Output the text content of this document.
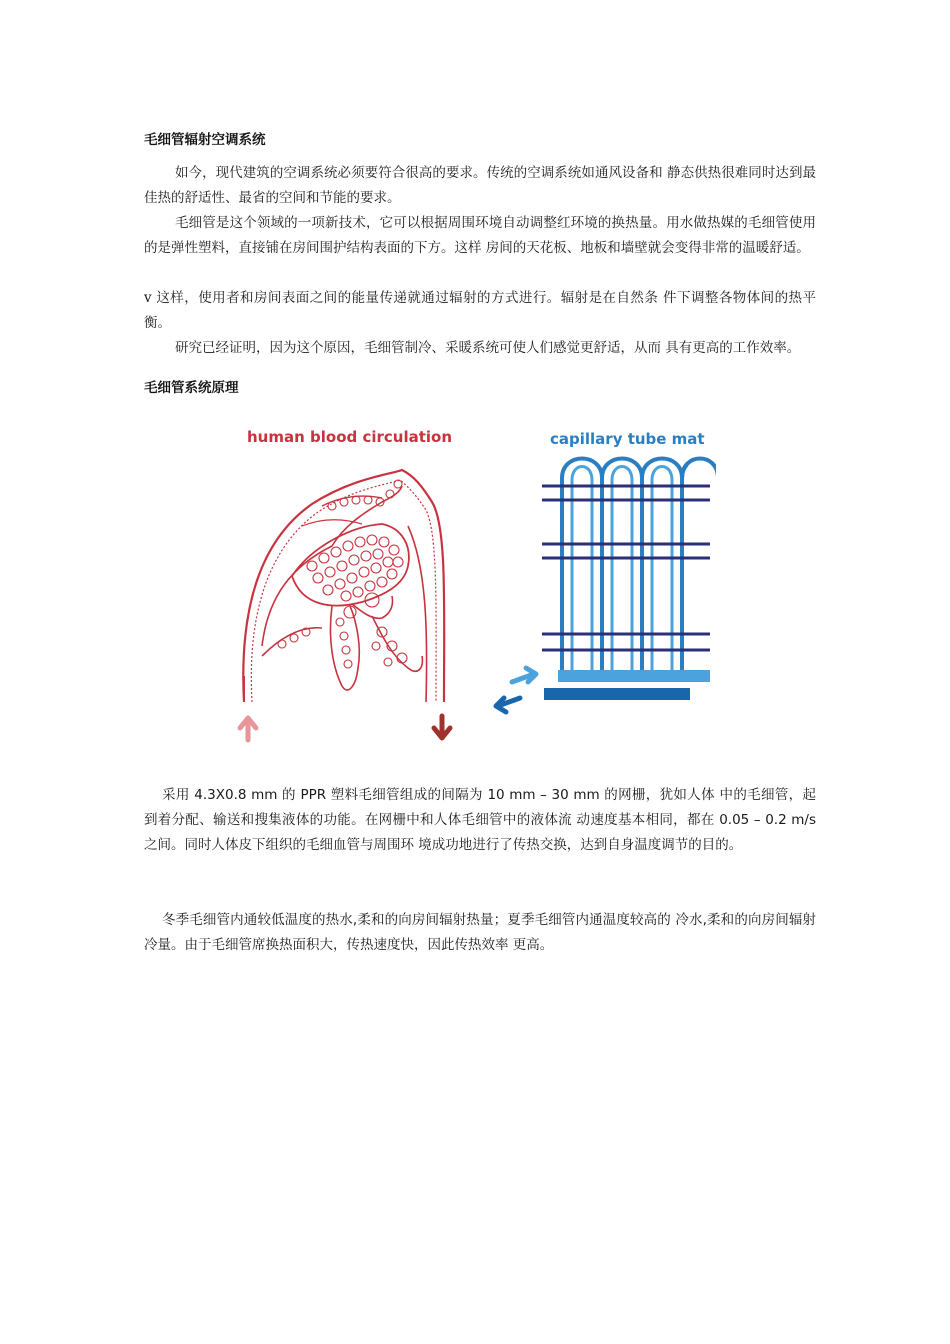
毛细管辐射空调系统

如今，现代建筑的空调系统必须要符合很高的要求。传统的空调系统如通风设备和 静态供热很难同时达到最佳热的舒适性、最省的空间和节能的要求。

毛细管是这个领域的一项新技术，它可以根据周围环境自动调整红环境的换热量。用水做热媒的毛细管使用的是弹性塑料，直接铺在房间围护结构表面的下方。这样 房间的天花板、地板和墙壁就会变得非常的温暖舒适。

v 这样，使用者和房间表面之间的能量传递就通过辐射的方式进行。辐射是在自然条 件下调整各物体间的热平衡。

研究已经证明，因为这个原因，毛细管制冷、采暖系统可使人们感觉更舒适，从而 具有更高的工作效率。

毛细管系统原理
human blood circulation	capillary tube mat

采用 4.3X0.8 mm 的 PPR 塑料毛细管组成的间隔为 10 mm – 30 mm 的网栅，犹如人体 中的毛细管，起到着分配、输送和搜集液体的功能。在网栅中和人体毛细管中的液体流 动速度基本相同，都在 0.05 – 0.2 m/s 之间。同时人体皮下组织的毛细血管与周围环 境成功地进行了传热交换，达到自身温度调节的目的。

冬季毛细管内通较低温度的热水,柔和的向房间辐射热量；夏季毛细管内通温度较高的 冷水,柔和的向房间辐射冷量。由于毛细管席换热面积大，传热速度快，因此传热效率 更高。
